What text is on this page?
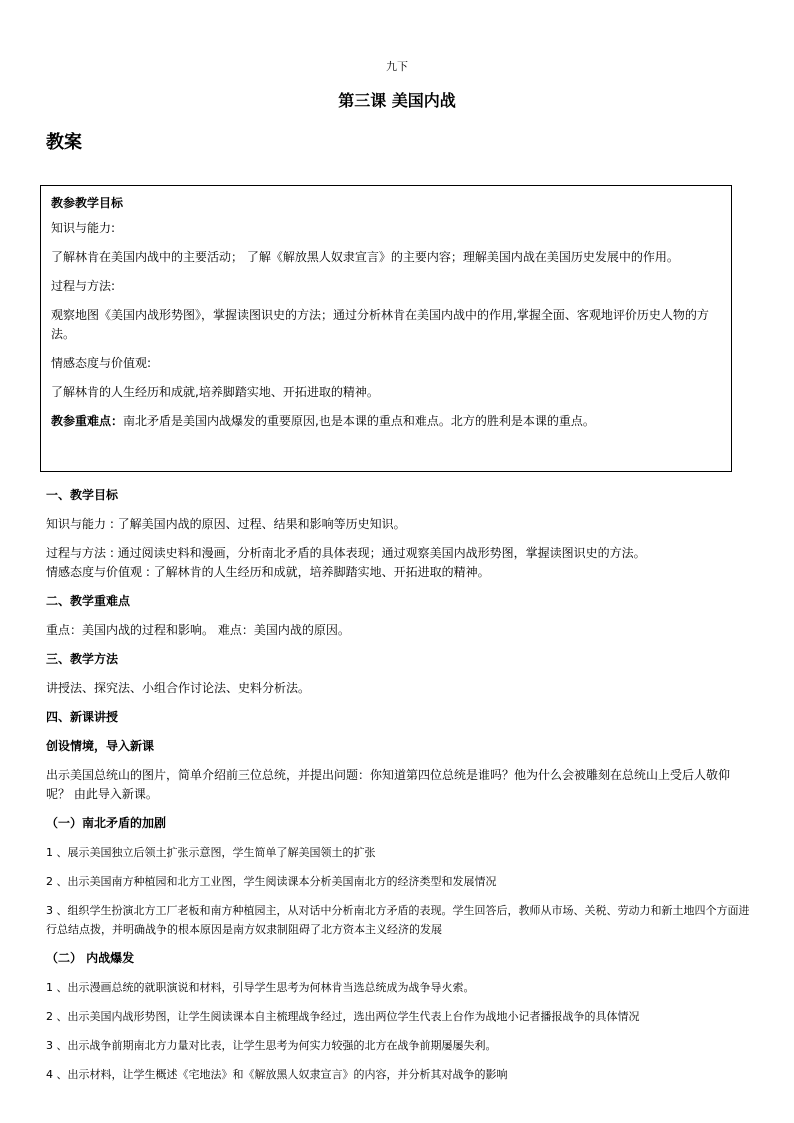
九下
第三课 美国内战
教案

教参教学目标

知识与能力:

了解林肯在美国内战中的主要活动； 了解《解放黑人奴隶宣言》的主要内容；理解美国内战在美国历史发展中的作用。

过程与方法:

观察地图《美国内战形势图》，掌握读图识史的方法；通过分析林肯在美国内战中的作用,掌握全面、客观地评价历史人物的方法。

情感态度与价值观:

了解林肯的人生经历和成就,培养脚踏实地、开拓进取的精神。

教参重难点：南北矛盾是美国内战爆发的重要原因,也是本课的重点和难点。北方的胜利是本课的重点。

一、教学目标

知识与能力 : 了解美国内战的原因、过程、结果和影响等历史知识。

过程与方法 : 通过阅读史料和漫画，分析南北矛盾的具体表现；通过观察美国内战形势图，掌握读图识史的方法。

情感态度与价值观 : 了解林肯的人生经历和成就，培养脚踏实地、开拓进取的精神。

二、教学重难点

重点：美国内战的过程和影响。 难点：美国内战的原因。

三、教学方法

讲授法、探究法、小组合作讨论法、史料分析法。

四、新课讲授

创设情境，导入新课

出示美国总统山的图片，简单介绍前三位总统，并提出问题：你知道第四位总统是谁吗？他为什么会被雕刻在总统山上受后人敬仰呢？ 由此导入新课。

（一）南北矛盾的加剧

1 、展示美国独立后领土扩张示意图，学生简单了解美国领土的扩张

2 、出示美国南方种植园和北方工业图，学生阅读课本分析美国南北方的经济类型和发展情况

3 、组织学生扮演北方工厂老板和南方种植园主，从对话中分析南北方矛盾的表现。学生回答后，教师从市场、关税、劳动力和新土地四个方面进行总结点拨，并明确战争的根本原因是南方奴隶制阻碍了北方资本主义经济的发展

（二） 内战爆发

1 、出示漫画总统的就职演说和材料，引导学生思考为何林肯当选总统成为战争导火索。

2 、出示美国内战形势图，让学生阅读课本自主梳理战争经过，选出两位学生代表上台作为战地小记者播报战争的具体情况

3 、出示战争前期南北方力量对比表，让学生思考为何实力较强的北方在战争前期屡屡失利。

4 、出示材料，让学生概述《宅地法》和《解放黑人奴隶宣言》的内容，并分析其对战争的影响
